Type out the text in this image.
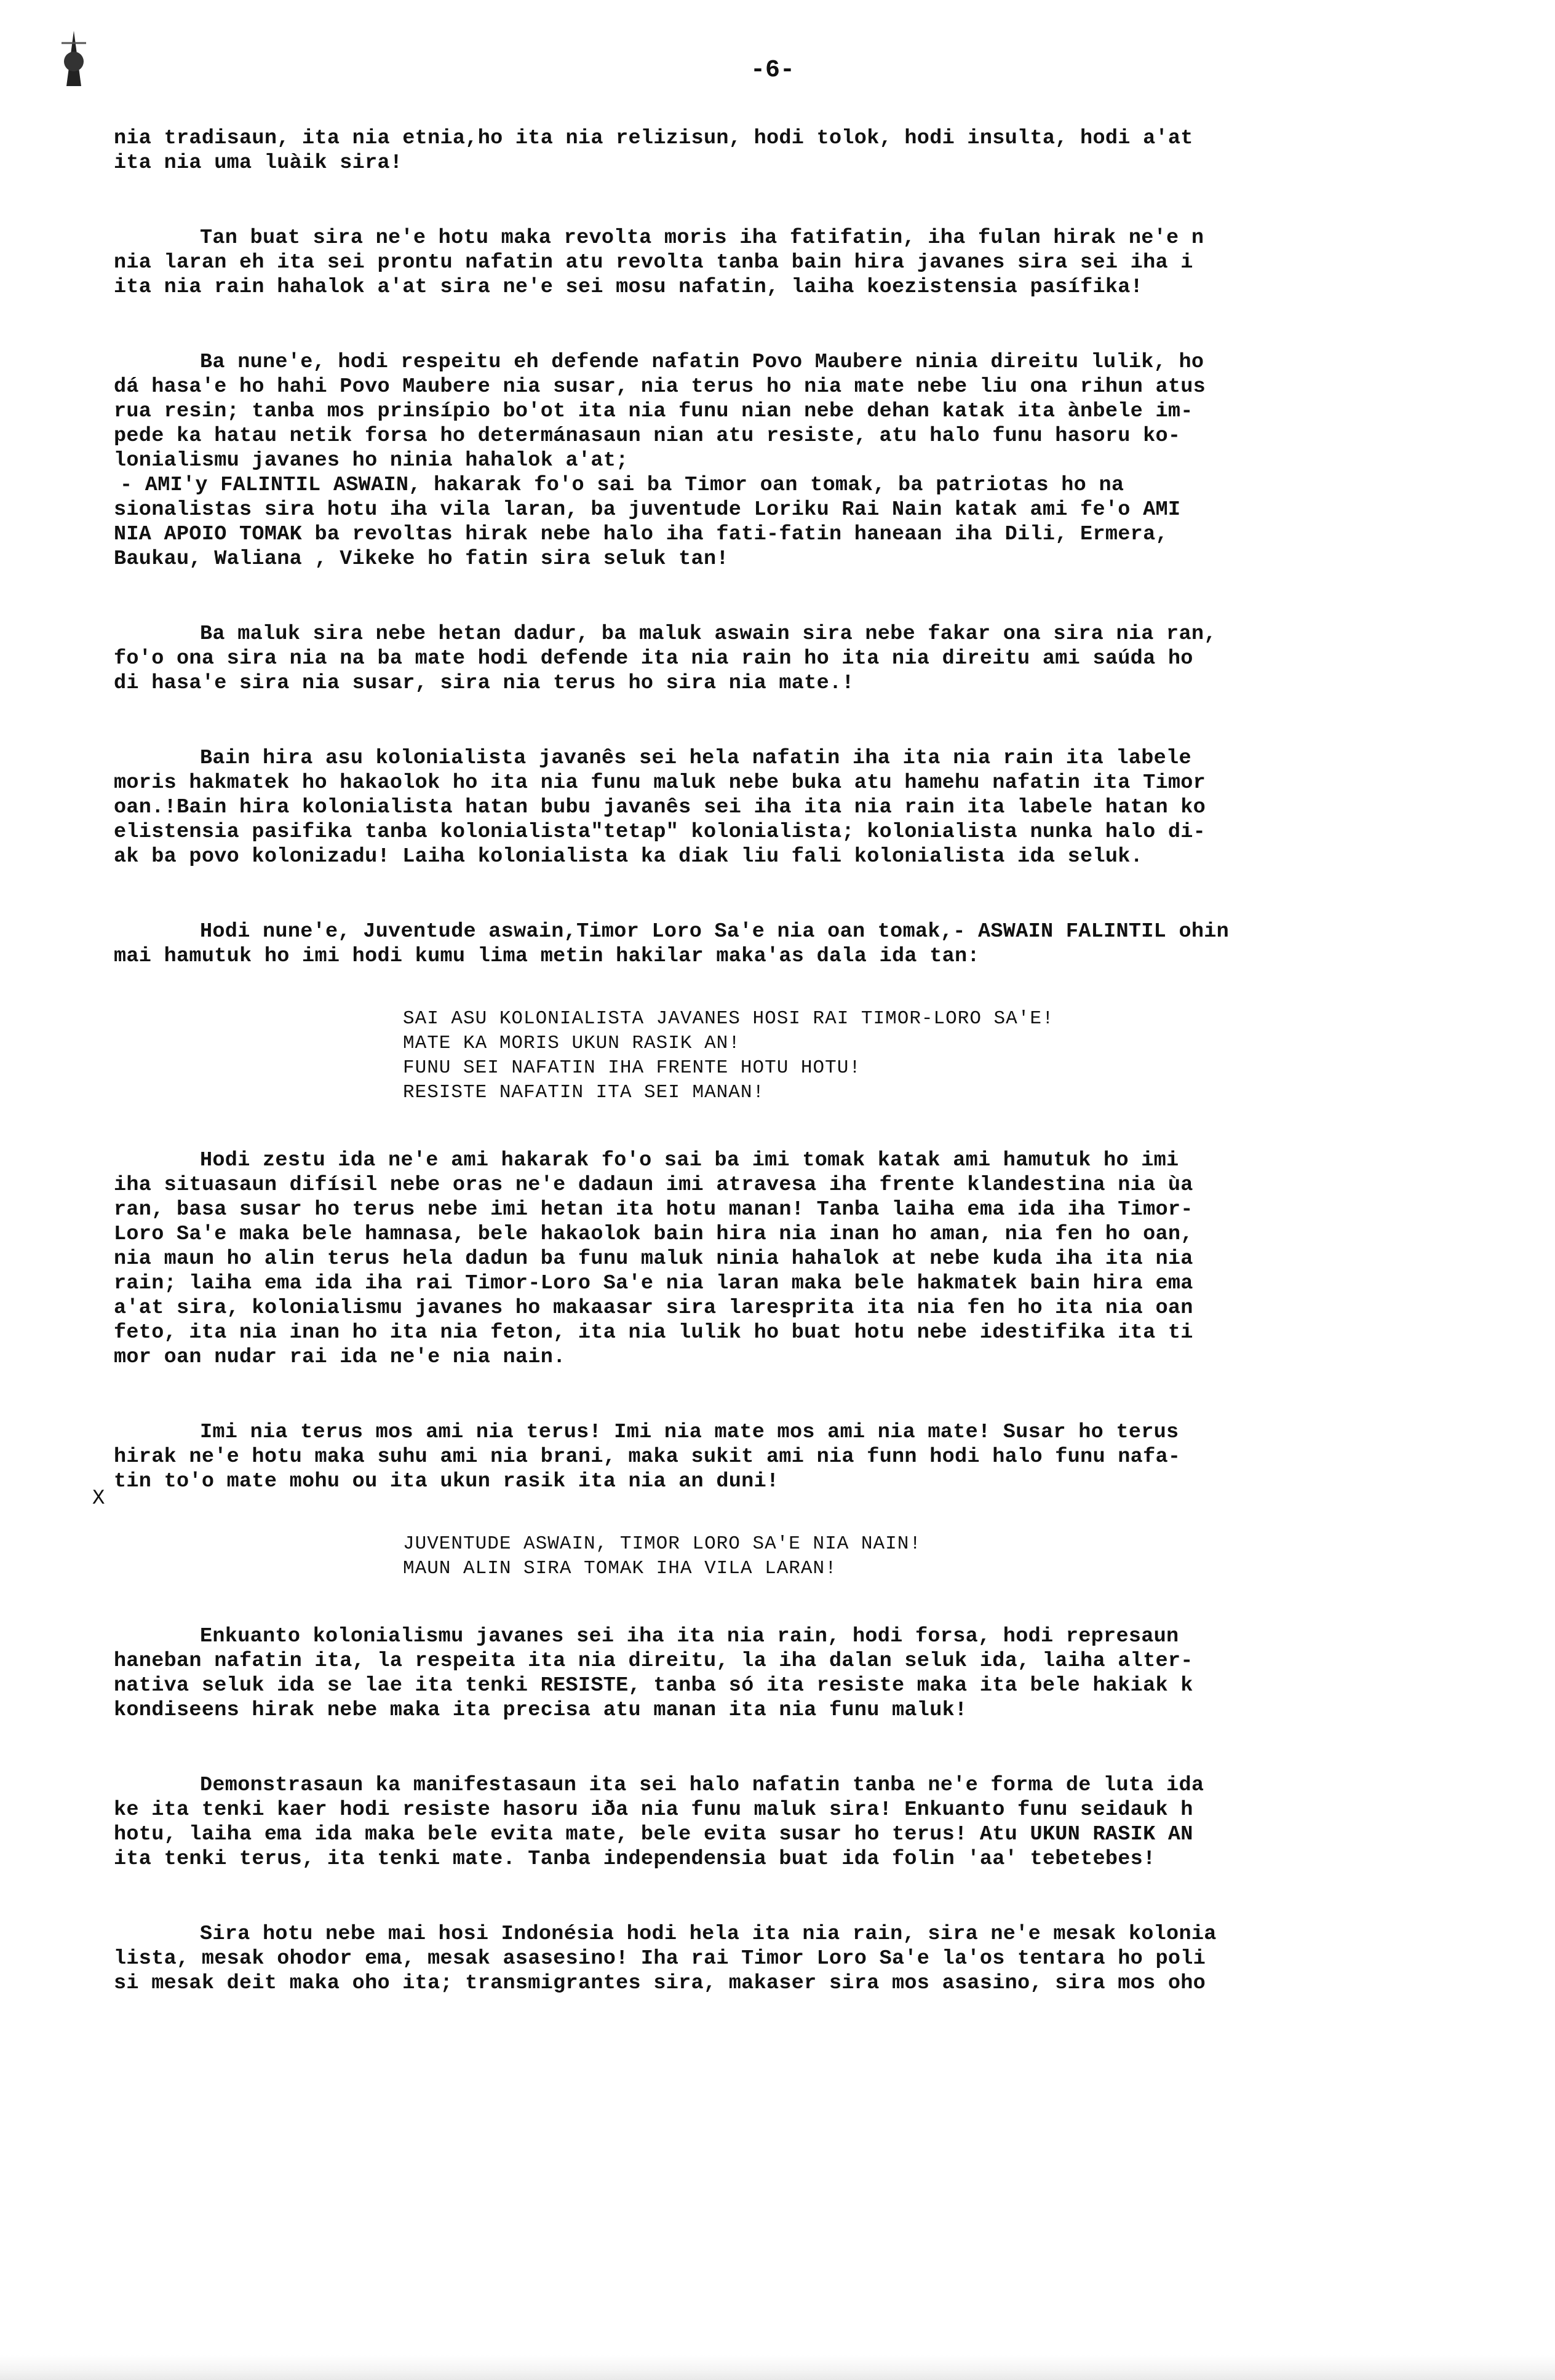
-6-
X
nia tradisaun, ita nia etnia,ho ita nia relizisun, hodi tolok, hodi insulta, hodi a'at
ita nia uma luàik sira!
Tan buat sira ne'e hotu maka revolta moris iha fatifatin, iha fulan hirak ne'e n
nia laran eh ita sei prontu nafatin atu revolta tanba bain hira javanes sira sei iha i
ita nia rain hahalok a'at sira ne'e sei mosu nafatin, laiha koezistensia pasífika!
Ba nune'e, hodi respeitu eh defende nafatin Povo Maubere ninia direitu lulik, ho
dá hasa'e ho hahi Povo Maubere nia susar, nia terus ho nia mate nebe liu ona rihun atus
rua resin; tanba mos prinsípio bo'ot ita nia funu nian nebe dehan katak ita ànbele im-
pede ka hatau netik forsa ho determánasaun nian atu resiste, atu halo funu hasoru ko-
lonialismu javanes ho ninia hahalok a'at;
- AMI'y FALINTIL ASWAIN, hakarak fo'o sai ba Timor oan tomak, ba patriotas ho na
sionalistas sira hotu iha vila laran, ba juventude Loriku Rai Nain katak ami fe'o AMI
NIA APOIO TOMAK ba revoltas hirak nebe halo iha fati-fatin haneaan iha Dili, Ermera,
Baukau, Waliana , Vikeke ho fatin sira seluk tan!
Ba maluk sira nebe hetan dadur, ba maluk aswain sira nebe fakar ona sira nia ran,
fo'o ona sira nia na ba mate hodi defende ita nia rain ho ita nia direitu ami saúda ho
di hasa'e sira nia susar, sira nia terus ho sira nia mate.!
Bain hira asu kolonialista javanês sei hela nafatin iha ita nia rain ita labele
moris hakmatek ho hakaolok ho ita nia funu maluk nebe buka atu hamehu nafatin ita Timor
oan.!Bain hira kolonialista hatan bubu javanês sei iha ita nia rain ita labele hatan ko
elistensia pasifika tanba kolonialista"tetap" kolonialista; kolonialista nunka halo di-
ak ba povo kolonizadu! Laiha kolonialista ka diak liu fali kolonialista ida seluk.
Hodi nune'e, Juventude aswain,Timor Loro Sa'e nia oan tomak,- ASWAIN FALINTIL ohin
mai hamutuk ho imi hodi kumu lima metin hakilar maka'as dala ida tan:
SAI ASU KOLONIALISTA JAVANES HOSI RAI TIMOR-LORO SA'E!
MATE KA MORIS UKUN RASIK AN!
FUNU SEI NAFATIN IHA FRENTE HOTU HOTU!
RESISTE NAFATIN ITA SEI MANAN!
Hodi zestu ida ne'e ami hakarak fo'o sai ba imi tomak katak ami hamutuk ho imi
iha situasaun difísil nebe oras ne'e dadaun imi atravesa iha frente klandestina nia ùa
ran, basa susar ho terus nebe imi hetan ita hotu manan! Tanba laiha ema ida iha Timor-
Loro Sa'e maka bele hamnasa, bele hakaolok bain hira nia inan ho aman, nia fen ho oan,
nia maun ho alin terus hela dadun ba funu maluk ninia hahalok at nebe kuda iha ita nia
rain; laiha ema ida iha rai Timor-Loro Sa'e nia laran maka bele hakmatek bain hira ema
a'at sira, kolonialismu javanes ho makaasar sira laresprita ita nia fen ho ita nia oan
feto, ita nia inan ho ita nia feton, ita nia lulik ho buat hotu nebe idestifika ita ti
mor oan nudar rai ida ne'e nia nain.
Imi nia terus mos ami nia terus! Imi nia mate mos ami nia mate! Susar ho terus
hirak ne'e hotu maka suhu ami nia brani, maka sukit ami nia funn hodi halo funu nafa-
tin to'o mate mohu ou ita ukun rasik ita nia an duni!
JUVENTUDE ASWAIN, TIMOR LORO SA'E NIA NAIN!
MAUN ALIN SIRA TOMAK IHA VILA LARAN!
Enkuanto kolonialismu javanes sei iha ita nia rain, hodi forsa, hodi represaun
haneban nafatin ita, la respeita ita nia direitu, la iha dalan seluk ida, laiha alter-
nativa seluk ida se lae ita tenki RESISTE, tanba só ita resiste maka ita bele hakiak k
kondiseens hirak nebe maka ita precisa atu manan ita nia funu maluk!
Demonstrasaun ka manifestasaun ita sei halo nafatin tanba ne'e forma de luta ida
ke ita tenki kaer hodi resiste hasoru iða nia funu maluk sira! Enkuanto funu seidauk h
hotu, laiha ema ida maka bele evita mate, bele evita susar ho terus! Atu UKUN RASIK AN
ita tenki terus, ita tenki mate. Tanba independensia buat ida folin 'aa' tebetebes!
Sira hotu nebe mai hosi Indonésia hodi hela ita nia rain, sira ne'e mesak kolonia
lista, mesak ohodor ema, mesak asasesino! Iha rai Timor Loro Sa'e la'os tentara ho poli
si mesak deit maka oho ita; transmigrantes sira, makaser sira mos asasino, sira mos oho
